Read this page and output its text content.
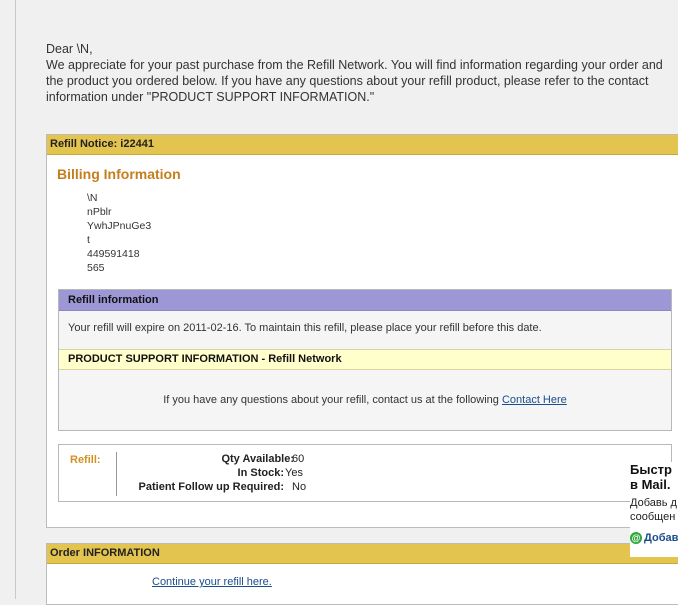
Dear \N,
We appreciate for your past purchase from the Refill Network. You will find information regarding your order and the product you ordered below. If you have any questions about your refill product, please refer to the contact information under "PRODUCT SUPPORT INFORMATION."
Refill Notice: i22441
Billing Information
\N
nPblr
YwhJPnuGe3
t
449591418
565
Refill information
Your refill will expire on 2011-02-16. To maintain this refill, please place your refill before this date.
PRODUCT SUPPORT INFORMATION - Refill Network
If you have any questions about your refill, contact us at the following Contact Here
Refill:	Qty Available:
60
In Stock: Yes
Patient Follow up Required: No
Order INFORMATION
Continue your refill here.
Быстр
в Mail.
Добавь д
сообщен
@ Добав
